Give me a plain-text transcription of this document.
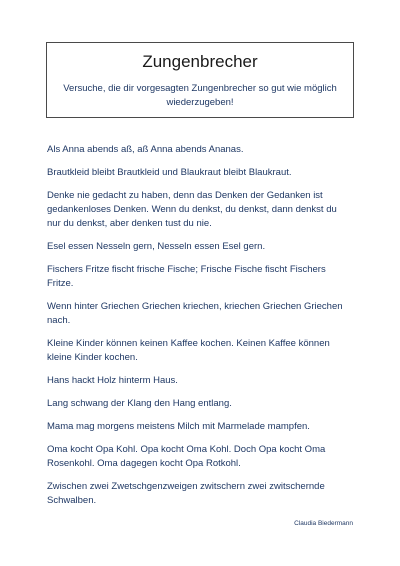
Zungenbrecher
Versuche, die dir vorgesagten Zungenbrecher so gut wie möglich wiederzugeben!
Als Anna abends aß, aß Anna abends Ananas.
Brautkleid bleibt Brautkleid und Blaukraut bleibt Blaukraut.
Denke nie gedacht zu haben, denn das Denken der Gedanken ist gedankenloses Denken. Wenn du denkst, du denkst, dann denkst du nur du denkst, aber denken tust du nie.
Esel essen Nesseln gern, Nesseln essen Esel gern.
Fischers Fritze fischt frische Fische; Frische Fische fischt Fischers Fritze.
Wenn hinter Griechen Griechen kriechen, kriechen Griechen Griechen nach.
Kleine Kinder können keinen Kaffee kochen. Keinen Kaffee können kleine Kinder kochen.
Hans hackt Holz hinterm Haus.
Lang schwang der Klang den Hang entlang.
Mama mag morgens meistens Milch mit Marmelade mampfen.
Oma kocht Opa Kohl. Opa kocht Oma Kohl. Doch Opa kocht Oma Rosenkohl. Oma dagegen kocht Opa Rotkohl.
Zwischen zwei Zwetschgenzweigen zwitschern zwei zwitschernde Schwalben.
Claudia Biedermann
